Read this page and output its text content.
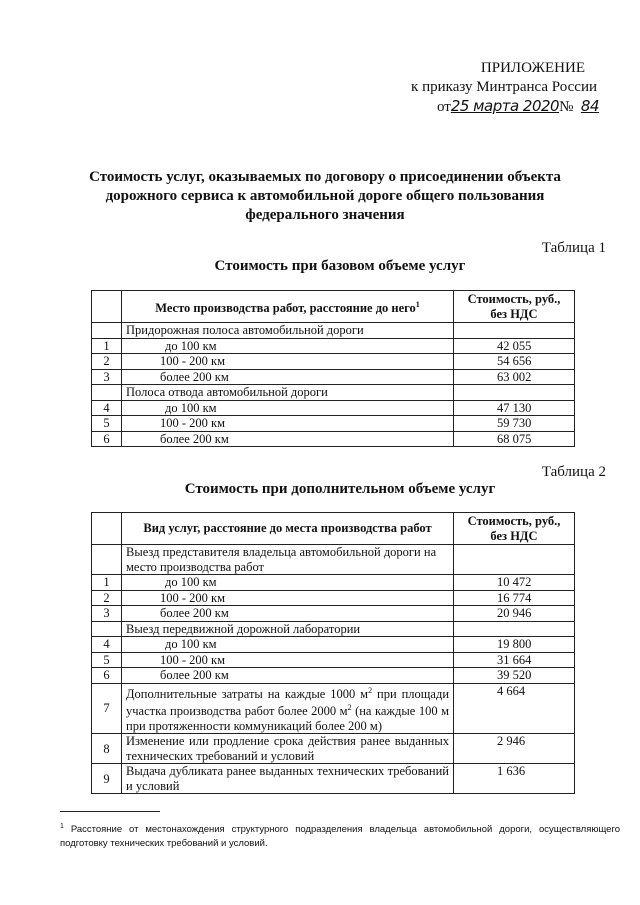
ПРИЛОЖЕНИЕ
к приказу Минтранса России
от25 марта 2020№ 84
Стоимость услуг, оказываемых по договору о присоединении объекта дорожного сервиса к автомобильной дороге общего пользования федерального значения
Таблица 1
Стоимость при базовом объеме услуг
	Место производства работ, расстояние до него$^1$	Стоимость, руб., без НДС
	Придорожная полоса автомобильной дороги	
1	до 100 км	42 055
2	100 - 200 км	54 656
3	более 200 км	63 002
	Полоса отвода автомобильной дороги	
4	до 100 км	47 130
5	100 - 200 км	59 730
6	более 200 км	68 075
Таблица 2
Стоимость при дополнительном объеме услуг
	Вид услуг, расстояние до места производства работ	Стоимость, руб., без НДС
	Выезд представителя владельца автомобильной дороги на место производства работ	
1	до 100 км	10 472
2	100 - 200 км	16 774
3	более 200 км	20 946
	Выезд передвижной дорожной лаборатории	
4	до 100 км	19 800
5	100 - 200 км	31 664
6	более 200 км	39 520
7	Дополнительные затраты на каждые 1000 $м^2$ при площади участка производства работ более 2000 $м^2$ (на каждые 100 м при протяженности коммуникаций более 200 м)	4 664
8	Изменение или продление срока действия ранее выданных технических требований и условий	2 946
9	Выдача дубликата ранее выданных технических требований и условий	1 636
$^1$ Расстояние от местонахождения структурного подразделения владельца автомобильной дороги, осуществляющего подготовку технических требований и условий.
